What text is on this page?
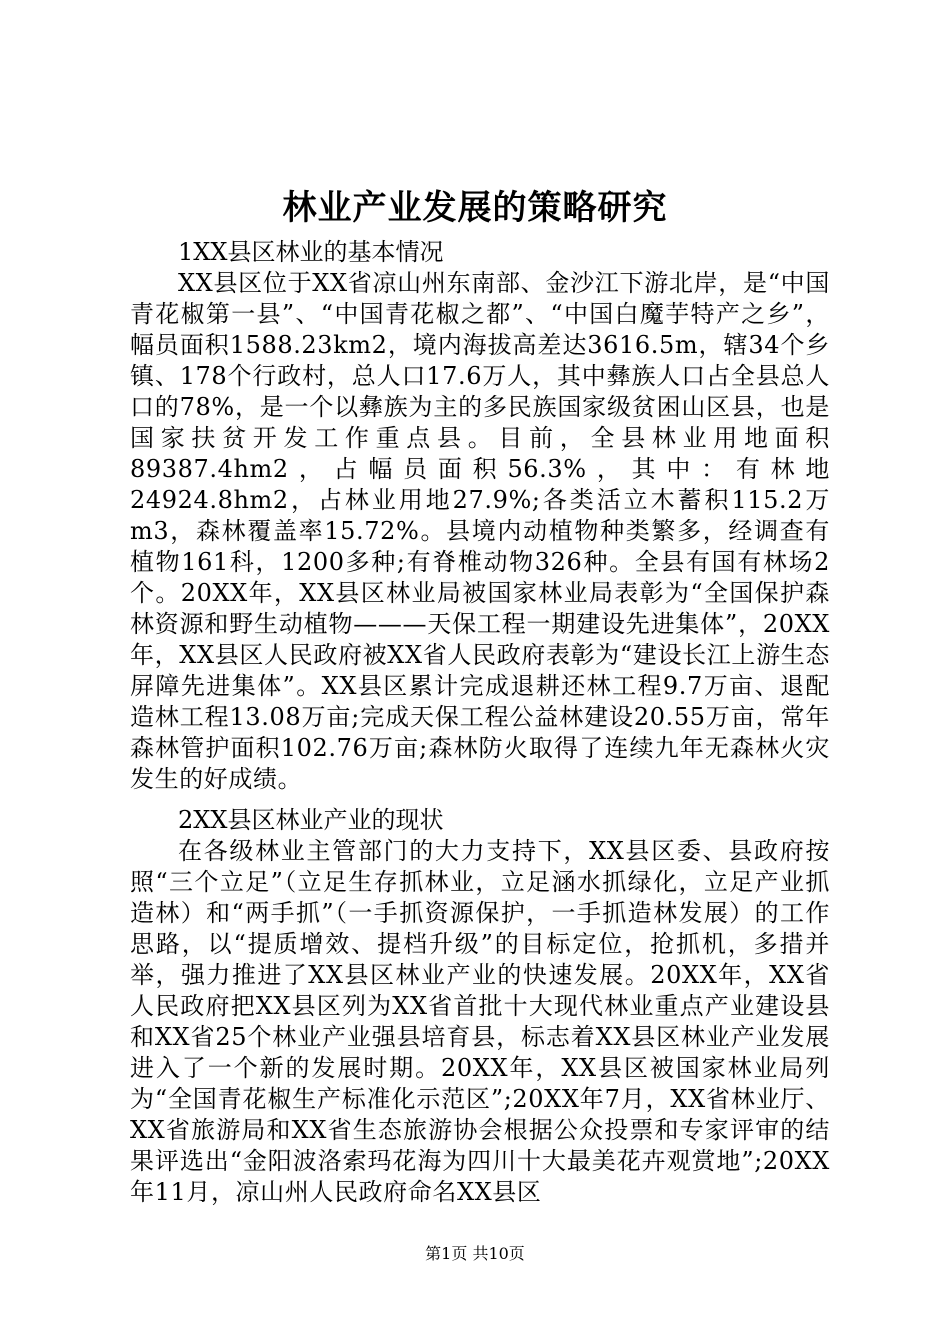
林业产业发展的策略研究
1XX县区林业的基本情况

XX县区位于XX省凉山州东南部、金沙江下游北岸，是“中国青花椒第一县”、“中国青花椒之都”、“中国白魔芋特产之乡”，幅员面积1588.23km2，境内海拔高差达3616.5m，辖34个乡镇、178个行政村，总人口17.6万人，其中彝族人口占全县总人口的78%，是一个以彝族为主的多民族国家级贫困山区县，也是国家扶贫开发工作重点县。目前，全县林业用地面积89387.4hm2，占幅员面积56.3%，其中：有林地24924.8hm2，占林业用地27.9%;各类活立木蓄积115.2万m3，森林覆盖率15.72%。县境内动植物种类繁多，经调查有植物161科，1200多种;有脊椎动物326种。全县有国有林场2个。20XX年，XX县区林业局被国家林业局表彰为“全国保护森林资源和野生动植物———天保工程一期建设先进集体”，20XX年，XX县区人民政府被XX省人民政府表彰为“建设长江上游生态屏障先进集体”。XX县区累计完成退耕还林工程9.7万亩、退配造林工程13.08万亩;完成天保工程公益林建设20.55万亩，常年森林管护面积102.76万亩;森林防火取得了连续九年无森林火灾发生的好成绩。

2XX县区林业产业的现状

在各级林业主管部门的大力支持下，XX县区委、县政府按照“三个立足”（立足生存抓林业，立足涵水抓绿化，立足产业抓造林）和“两手抓”（一手抓资源保护，一手抓造林发展）的工作思路，以“提质增效、提档升级”的目标定位，抢抓机，多措并举，强力推进了XX县区林业产业的快速发展。20XX年，XX省人民政府把XX县区列为XX省首批十大现代林业重点产业建设县和XX省25个林业产业强县培育县，标志着XX县区林业产业发展进入了一个新的发展时期。20XX年，XX县区被国家林业局列为“全国青花椒生产标准化示范区”;20XX年7月，XX省林业厅、XX省旅游局和XX省生态旅游协会根据公众投票和专家评审的结果评选出“金阳波洛索玛花海为四川十大最美花卉观赏地”;20XX年11月，凉山州人民政府命名XX县区

第1页 共10页
